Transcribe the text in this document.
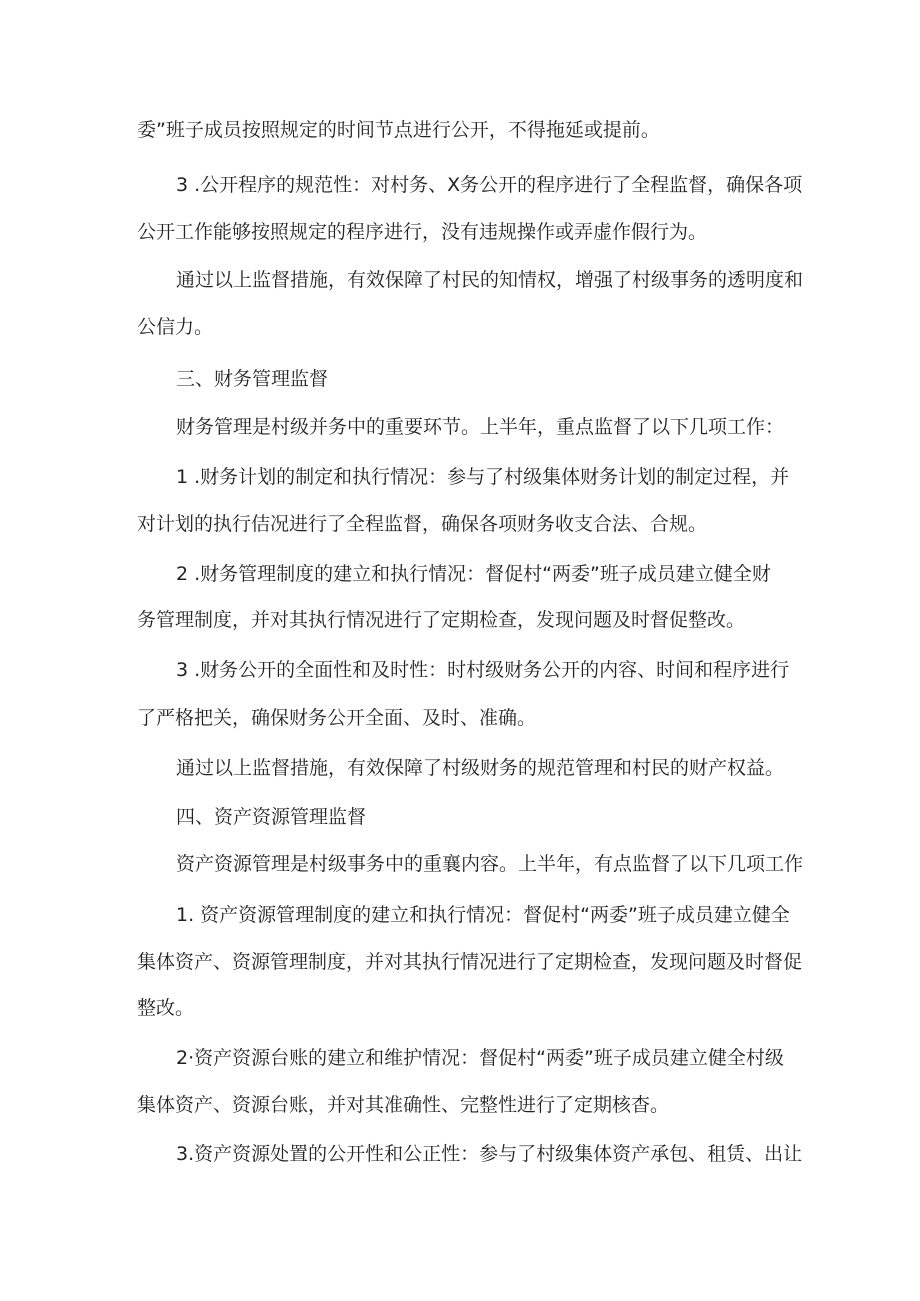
委”班子成员按照规定的时间节点进行公开，不得拖延或提前。
3 .公开程序的规范性：对村务、X务公开的程序进行了全程监督，确保各项
公开工作能够按照规定的程序进行，没有违规操作或弄虚作假行为。
通过以上监督措施，有效保障了村民的知情权，增强了村级事务的透明度和
公信力。
三、财务管理监督
财务管理是村级并务中的重要环节。上半年，重点监督了以下几项工作：
1 .财务计划的制定和执行情况：参与了村级集体财务计划的制定过程，并
对计划的执行佶况进行了全程监督，确保各项财务收支合法、合规。
2 .财务管理制度的建立和执行情况：督促村“两委”班子成员建立健全财
务管理制度，并对其执行情况进行了定期检查，发现问题及时督促整改。
3 .财务公开的全面性和及时性：时村级财务公开的内容、时间和程序进行
了严格把关，确保财务公开全面、及时、准确。
通过以上监督措施，有效保障了村级财务的规范管理和村民的财产权益。
四、资产资源管理监督
资产资源管理是村级事务中的重襄内容。上半年，有点监督了以下几项工作
1. 资产资源管理制度的建立和执行情况：督促村“两委”班子成员建立健全
集体资产、资源管理制度，并对其执行情况进行了定期检查，发现问题及时督促
整改。
2·资产资源台账的建立和维护情况：督促村“两委”班子成员建立健全村级
集体资产、资源台账，并对其准确性、完整性进行了定期核杳。
3.资产资源处置的公开性和公正性：参与了村级集体资产承包、租赁、出让
